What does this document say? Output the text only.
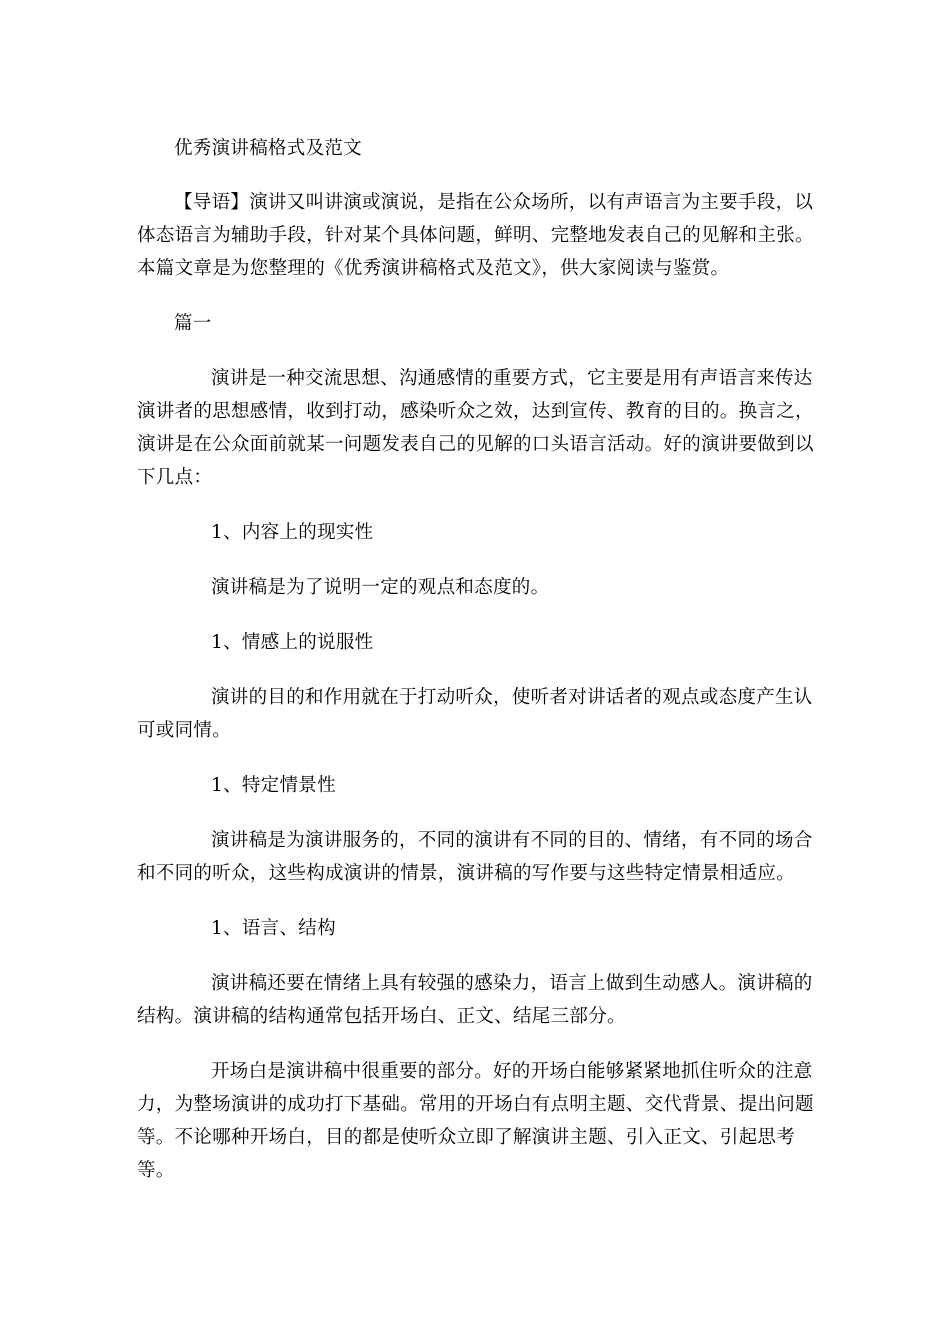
优秀演讲稿格式及范文

【导语】演讲又叫讲演或演说，是指在公众场所，以有声语言为主要手段，以体态语言为辅助手段，针对某个具体问题，鲜明、完整地发表自己的见解和主张。本篇文章是为您整理的《优秀演讲稿格式及范文》，供大家阅读与鉴赏。

篇一

演讲是一种交流思想、沟通感情的重要方式，它主要是用有声语言来传达演讲者的思想感情，收到打动，感染听众之效，达到宣传、教育的目的。换言之，演讲是在公众面前就某一问题发表自己的见解的口头语言活动。好的演讲要做到以下几点：

1、内容上的现实性

演讲稿是为了说明一定的观点和态度的。

1、情感上的说服性

演讲的目的和作用就在于打动听众，使听者对讲话者的观点或态度产生认可或同情。

1、特定情景性

演讲稿是为演讲服务的，不同的演讲有不同的目的、情绪，有不同的场合和不同的听众，这些构成演讲的情景，演讲稿的写作要与这些特定情景相适应。

1、语言、结构

演讲稿还要在情绪上具有较强的感染力，语言上做到生动感人。演讲稿的结构。演讲稿的结构通常包括开场白、正文、结尾三部分。

开场白是演讲稿中很重要的部分。好的开场白能够紧紧地抓住听众的注意力，为整场演讲的成功打下基础。常用的开场白有点明主题、交代背景、提出问题等。不论哪种开场白，目的都是使听众立即了解演讲主题、引入正文、引起思考等。
